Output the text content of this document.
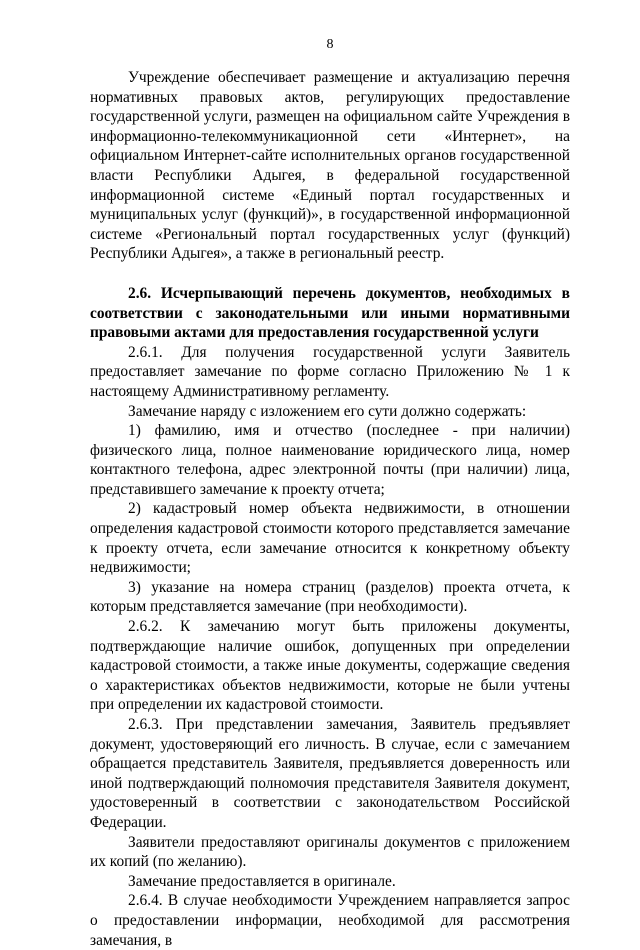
8

Учреждение обеспечивает размещение и актуализацию перечня нормативных правовых актов, регулирующих предоставление государственной услуги, размещен на официальном сайте Учреждения в информационно-телекоммуникационной сети «Интернет», на официальном Интернет-сайте исполнительных органов государственной власти Республики Адыгея, в федеральной государственной информационной системе «Единый портал государственных и муниципальных услуг (функций)», в государственной информационной системе «Региональный портал государственных услуг (функций) Республики Адыгея», а также в региональный реестр.

2.6. Исчерпывающий перечень документов, необходимых в соответствии с законодательными или иными нормативными правовыми актами для предоставления государственной услуги

2.6.1. Для получения государственной услуги Заявитель предоставляет замечание по форме согласно Приложению № 1 к настоящему Административному регламенту.

Замечание наряду с изложением его сути должно содержать:

1) фамилию, имя и отчество (последнее - при наличии) физического лица, полное наименование юридического лица, номер контактного телефона, адрес электронной почты (при наличии) лица, представившего замечание к проекту отчета;

2) кадастровый номер объекта недвижимости, в отношении определения кадастровой стоимости которого представляется замечание к проекту отчета, если замечание относится к конкретному объекту недвижимости;

3) указание на номера страниц (разделов) проекта отчета, к которым представляется замечание (при необходимости).

2.6.2. К замечанию могут быть приложены документы, подтверждающие наличие ошибок, допущенных при определении кадастровой стоимости, а также иные документы, содержащие сведения о характеристиках объектов недвижимости, которые не были учтены при определении их кадастровой стоимости.

2.6.3. При представлении замечания, Заявитель предъявляет документ, удостоверяющий его личность. В случае, если с замечанием обращается представитель Заявителя, предъявляется доверенность или иной подтверждающий полномочия представителя Заявителя документ, удостоверенный в соответствии с законодательством Российской Федерации.

Заявители предоставляют оригиналы документов с приложением их копий (по желанию).

Замечание предоставляется в оригинале.

2.6.4. В случае необходимости Учреждением направляется запрос о предоставлении информации, необходимой для рассмотрения замечания, в
